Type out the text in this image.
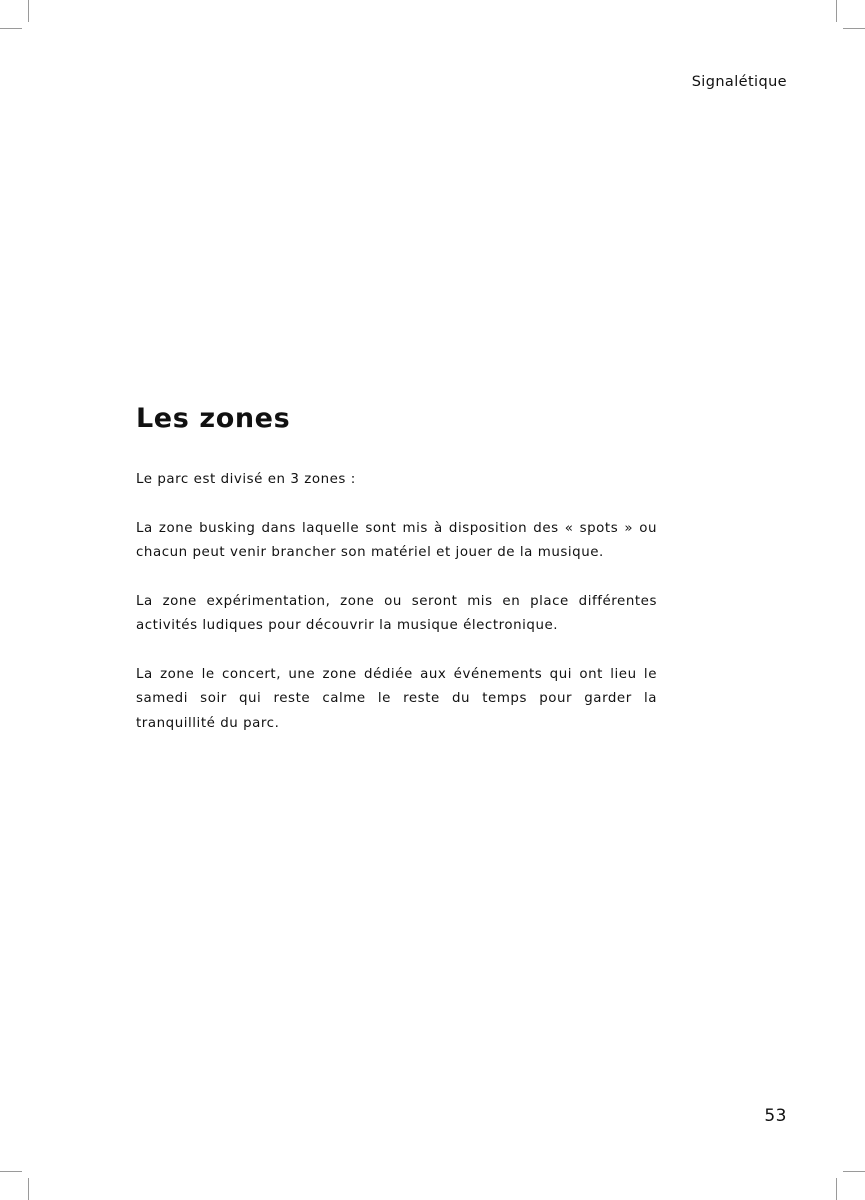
Signalétique
Les zones

Le parc est divisé en 3 zones :

La zone busking dans laquelle sont mis à disposition des « spots » ou chacun peut venir brancher son matériel et jouer de la musique.

La zone expérimentation, zone ou seront mis en place différentes activités ludiques pour découvrir la musique électronique.

La zone le concert, une zone dédiée aux événements qui ont lieu le samedi soir qui reste calme le reste du temps pour garder la tranquillité du parc.

53
